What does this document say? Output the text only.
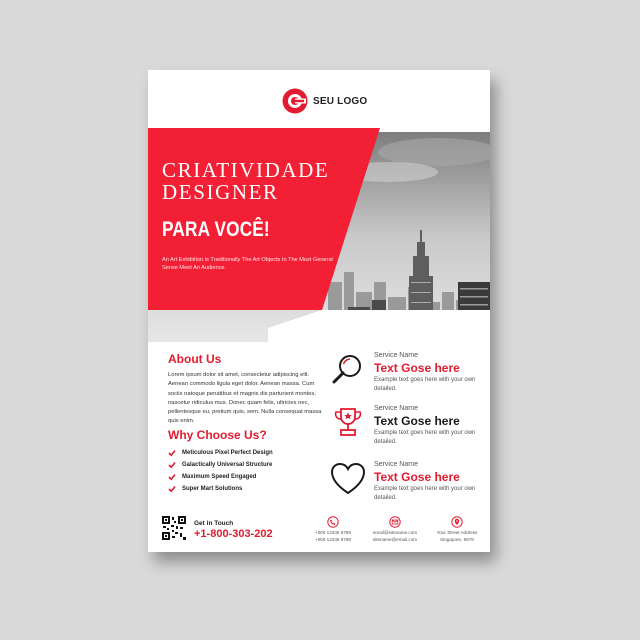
SEU LOGO
CRIATIVIDADE
DESIGNER
PARA VOCÊ!
An Art Exhibition Is Traditionally The Art Objects In The Most General Sense Meet An Audience.
About Us
Lorem ipsum dolor sit amet, consectetur adipiscing elit. Aenean commodo ligula eget dolor. Aenean massa. Cum sociis natoque penatibus et magnis dis parturient montes, nascetur ridiculus mus. Donec quam felis, ultricies nec, pellentesque eu, pretium quis, sem. Nulla consequat massa quis enim.
Why Choose Us?
Meticulous Pixel Perfect Design
Galactically Universal Structure
Maximum Speed Engaged
Super Mart Solutions
Service Name
Text Gose here
Example text goes here with your own detailed.
Service Name
Text Gose here
Example text goes here with your own detailed.
Service Name
Text Gose here
Example text goes here with your own detailed.
Get in Touch
+1-800-303-202	+000 12345 6789
+000 12345 6789
email@sitename.com
sitename@email.com
Your Street Address
Singapore, 5678
